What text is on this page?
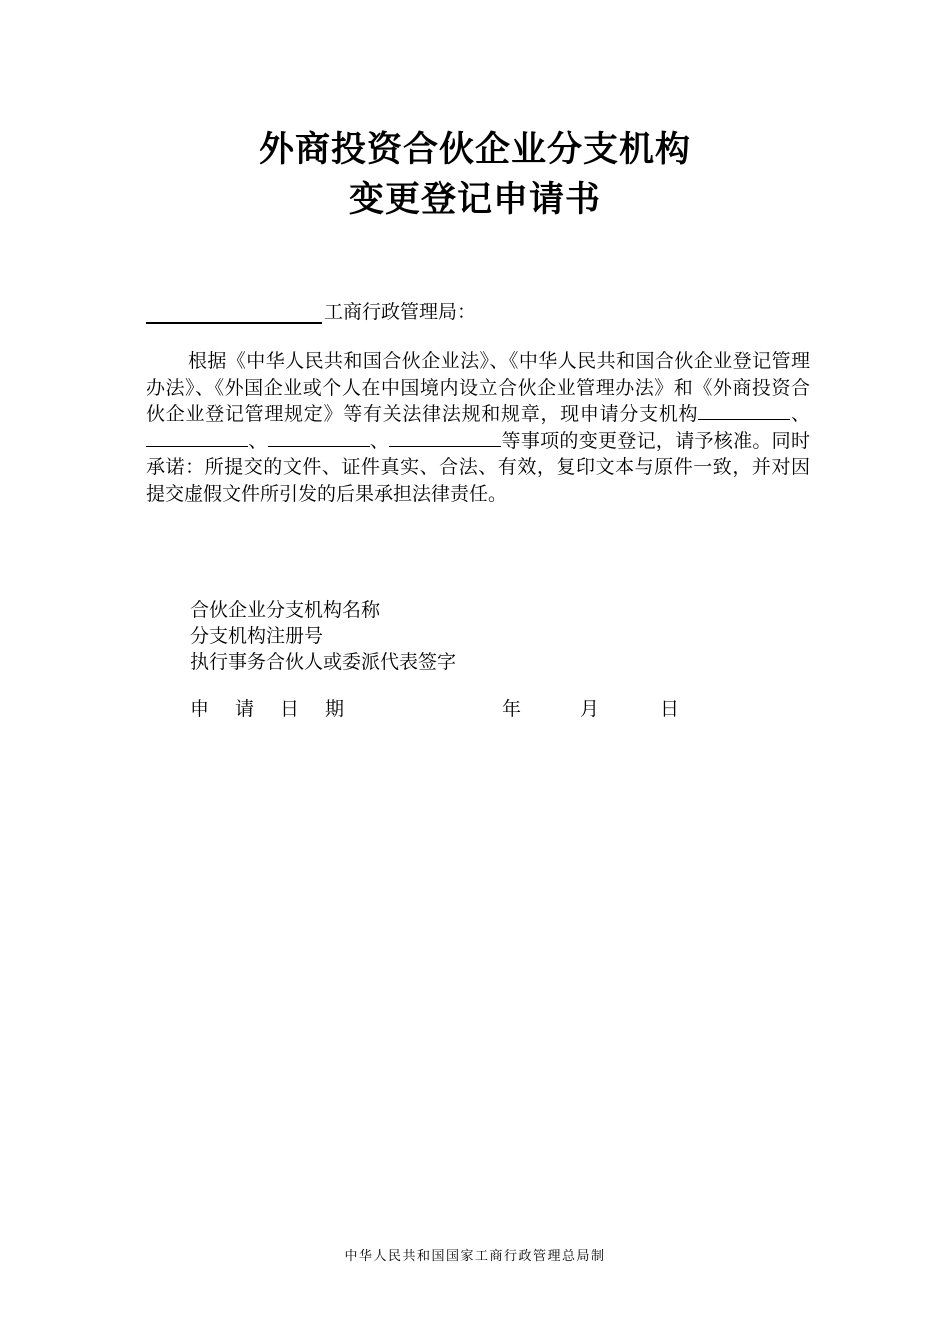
外商投资合伙企业分支机构
变更登记申请书
工商行政管理局：

根据《中华人民共和国合伙企业法》、《中华人民共和国合伙企业登记管理办法》、《外国企业或个人在中国境内设立合伙企业管理办法》和《外商投资合伙企业登记管理规定》等有关法律法规和规章，现申请分支机构	、、	、	等事项的变更登记，请予核准。同时承诺：所提交的文件、证件真实、合法、有效，复印文本与原件一致，并对因提交虚假文件所引发的后果承担法律责任。

合伙企业分支机构名称
分支机构注册号
执行事务合伙人或委派代表签字
申请日期	年	月	日
中华人民共和国国家工商行政管理总局制
